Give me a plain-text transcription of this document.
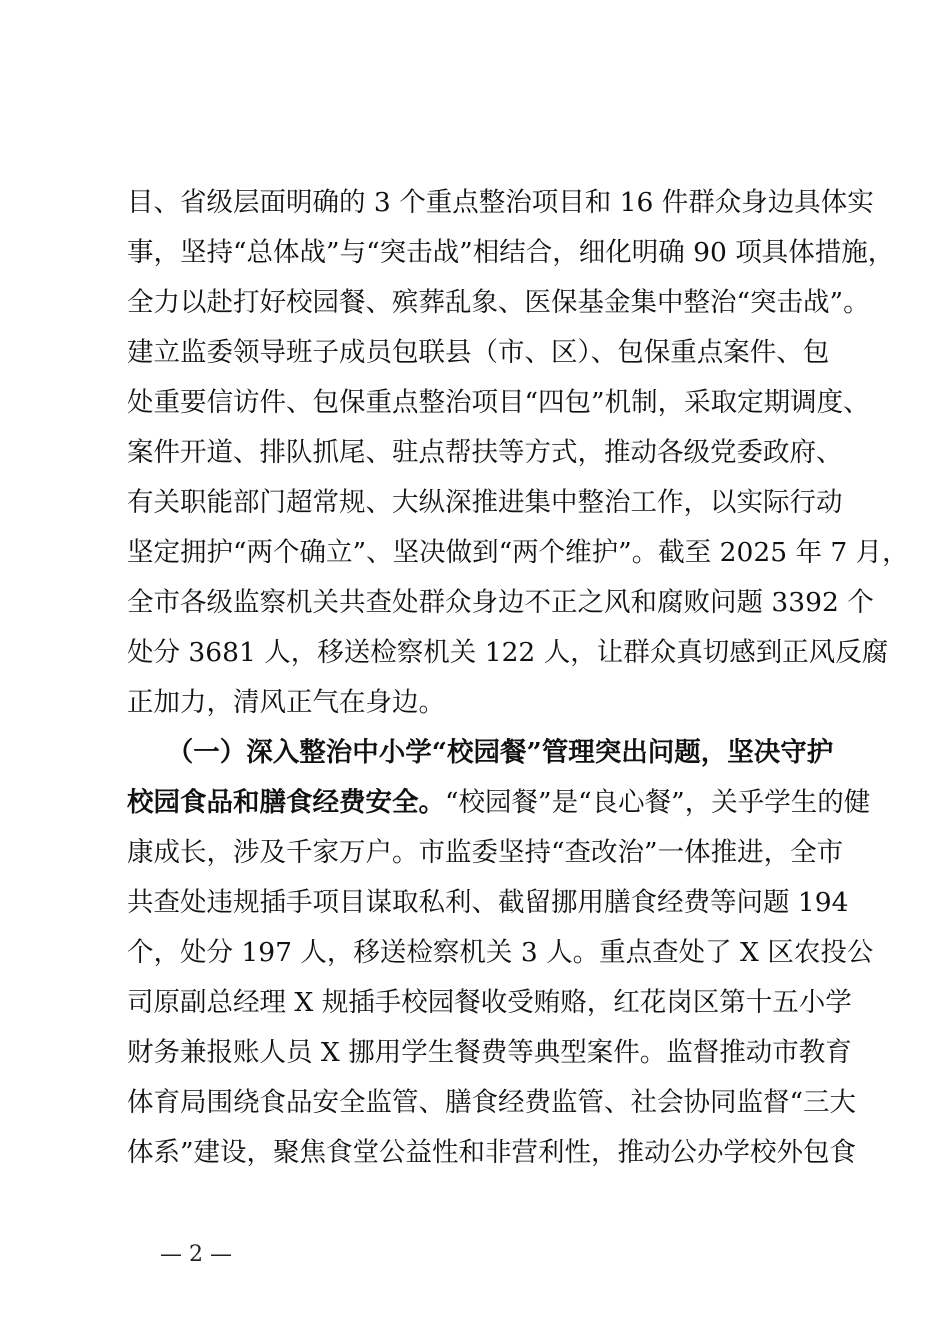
目、省级层面明确的 3 个重点整治项目和 16 件群众身边具体实
事，坚持“总体战”与“突击战”相结合，细化明确 90 项具体措施，
全力以赴打好校园餐、殡葬乱象、医保基金集中整治“突击战”。
建立监委领导班子成员包联县（市、区）、包保重点案件、包
处重要信访件、包保重点整治项目“四包”机制，采取定期调度、
案件开道、排队抓尾、驻点帮扶等方式，推动各级党委政府、
有关职能部门超常规、大纵深推进集中整治工作，以实际行动
坚定拥护“两个确立”、坚决做到“两个维护”。截至 2025 年 7 月，
全市各级监察机关共查处群众身边不正之风和腐败问题 3392 个
处分 3681 人，移送检察机关 122 人，让群众真切感到正风反腐
正加力，清风正气在身边。
　　（一）深入整治中小学“校园餐”管理突出问题，坚决守护
校园食品和膳食经费安全。“校园餐”是“良心餐”，关乎学生的健
康成长，涉及千家万户。市监委坚持“查改治”一体推进，全市
共查处违规插手项目谋取私利、截留挪用膳食经费等问题 194
个，处分 197 人，移送检察机关 3 人。重点查处了 X 区农投公
司原副总经理 X 规插手校园餐收受贿赂，红花岗区第十五小学
财务兼报账人员 X 挪用学生餐费等典型案件。监督推动市教育
体育局围绕食品安全监管、膳食经费监管、社会协同监督“三大
体系”建设，聚焦食堂公益性和非营利性，推动公办学校外包食
— 2 —
